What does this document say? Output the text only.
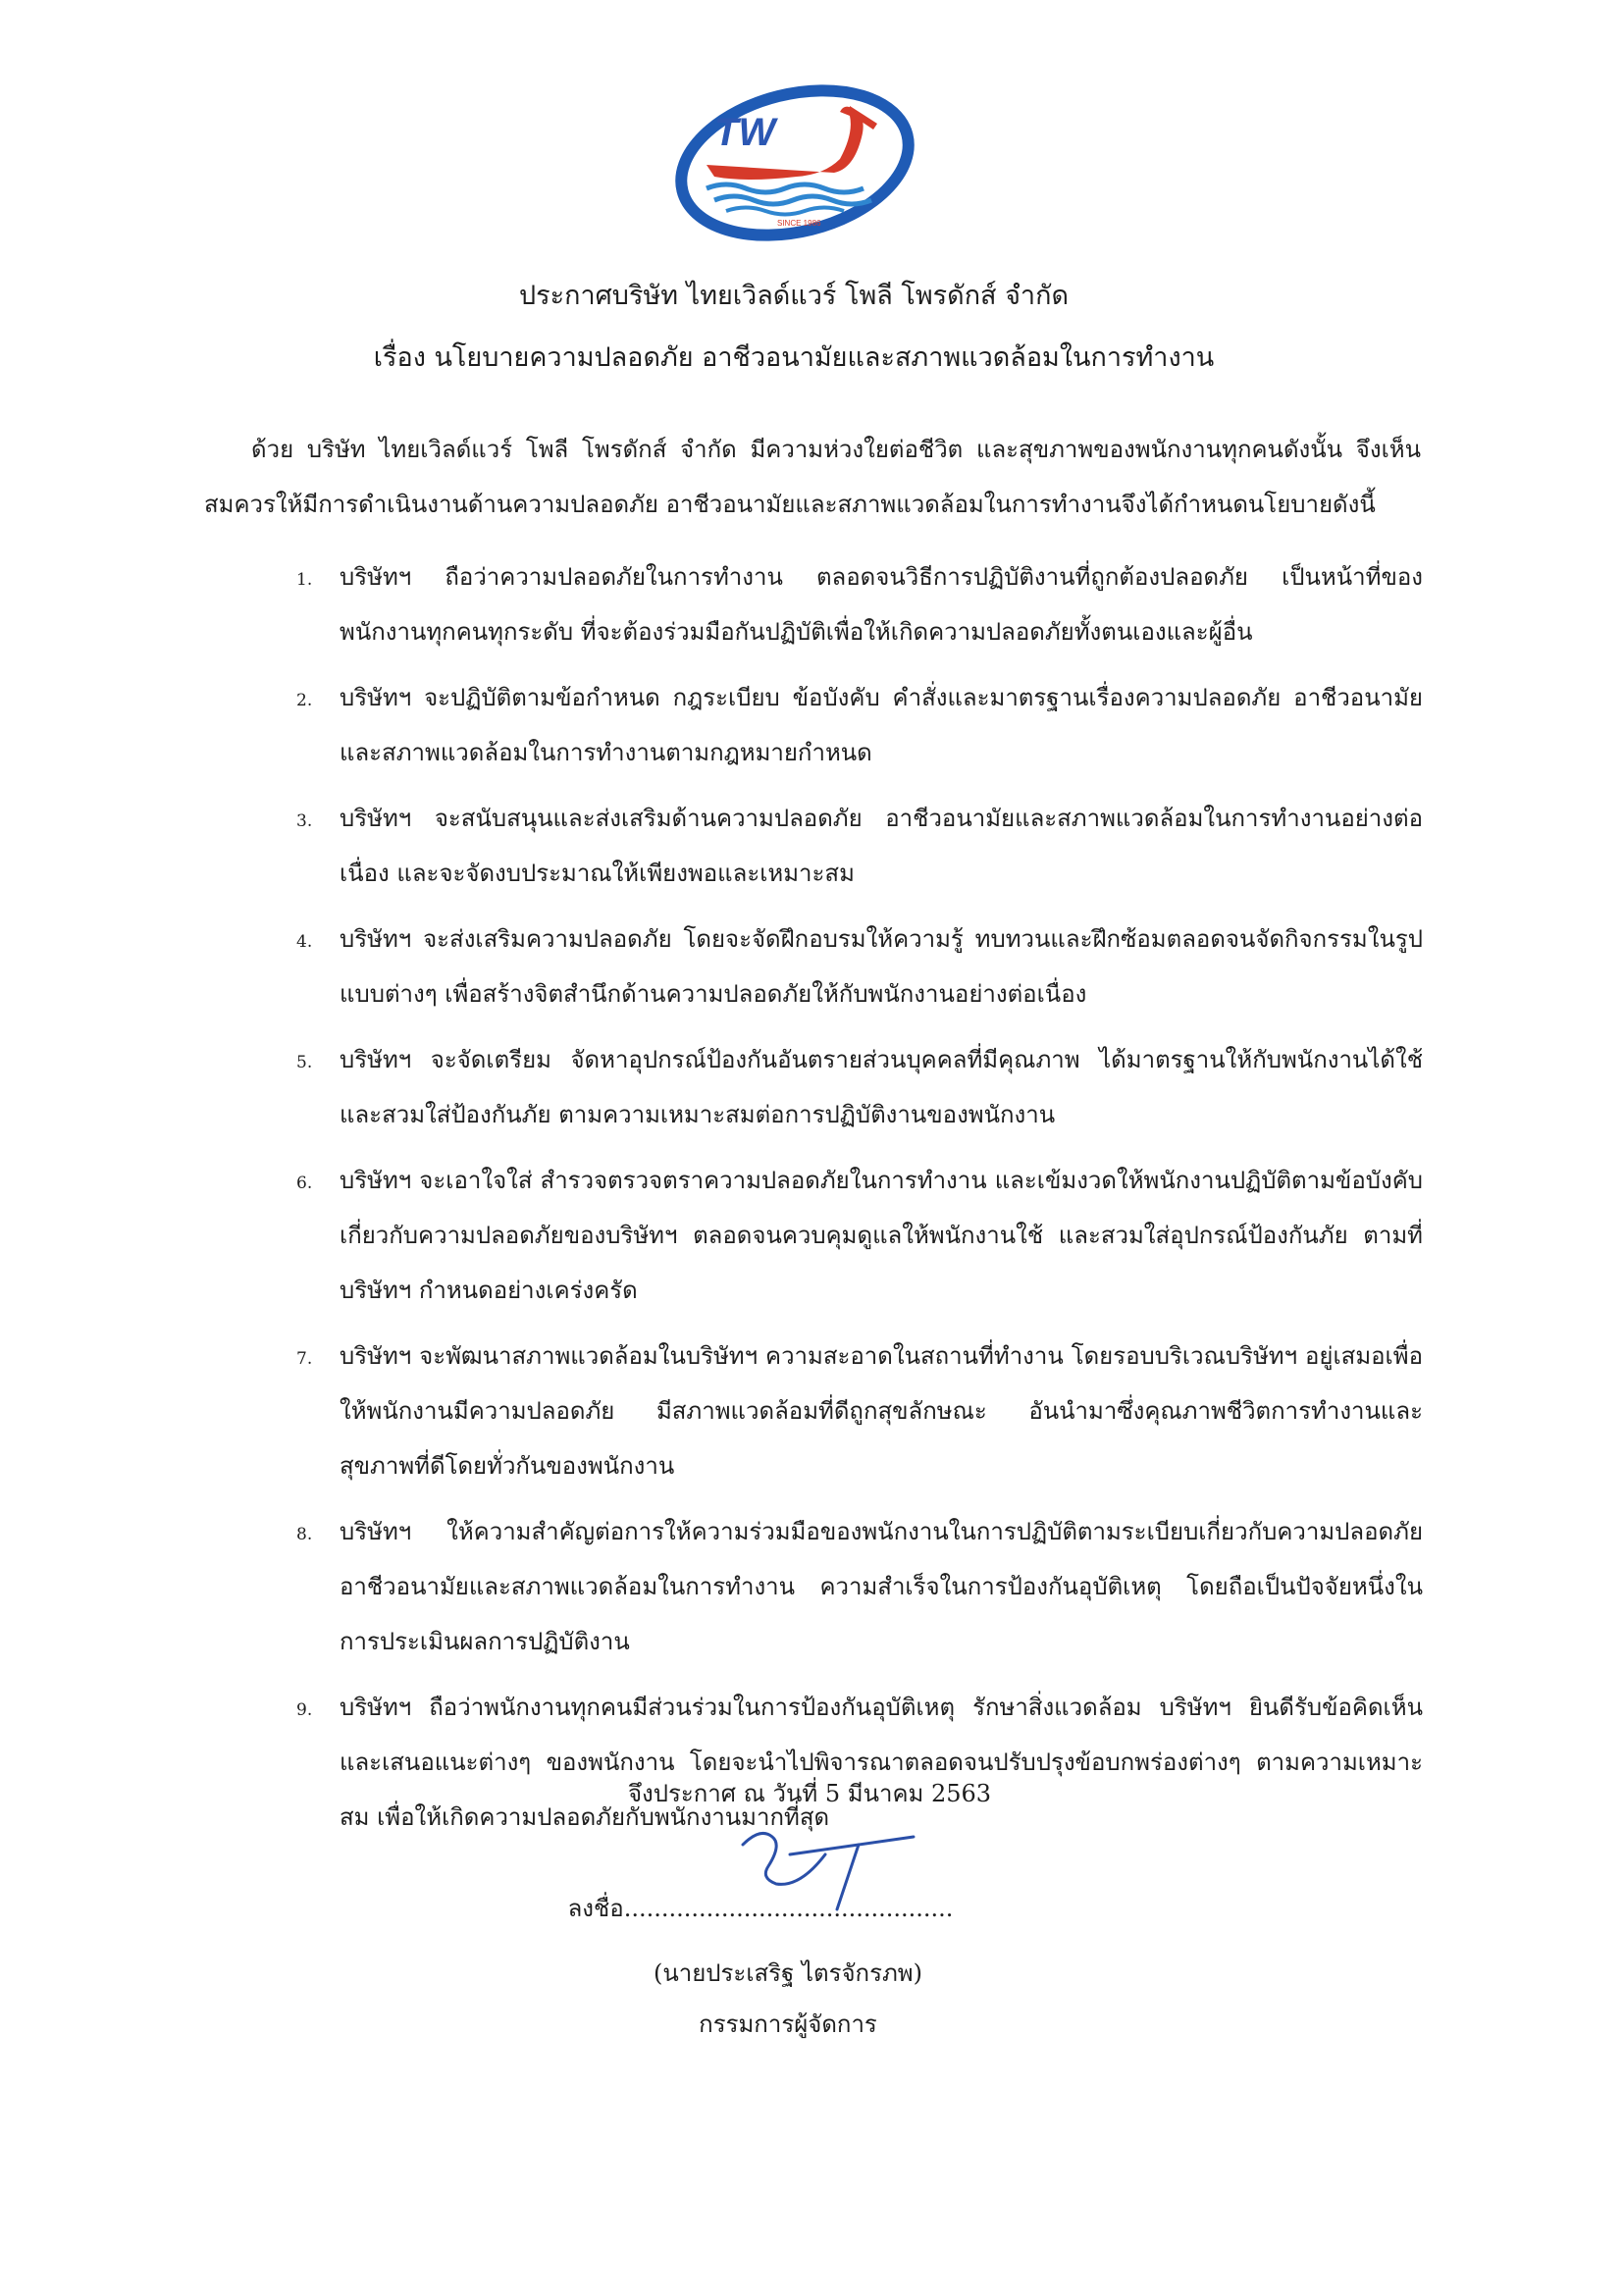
TW
SINCE 1986
ประกาศบริษัท ไทยเวิลด์แวร์ โพลี โพรดักส์ จำกัด
เรื่อง นโยบายความปลอดภัย อาชีวอนามัยและสภาพแวดล้อมในการทำงาน
ด้วย บริษัท ไทยเวิลด์แวร์ โพลี โพรดักส์ จำกัด มีความห่วงใยต่อชีวิต และสุขภาพของพนักงานทุกคนดังนั้น จึงเห็นสมควรให้มีการดำเนินงานด้านความปลอดภัย อาชีวอนามัยและสภาพแวดล้อมในการทำงานจึงได้กำหนดนโยบายดังนี้
1. บริษัทฯ ถือว่าความปลอดภัยในการทำงาน ตลอดจนวิธีการปฏิบัติงานที่ถูกต้องปลอดภัย เป็นหน้าที่ของพนักงานทุกคนทุกระดับ ที่จะต้องร่วมมือกันปฏิบัติเพื่อให้เกิดความปลอดภัยทั้งตนเองและผู้อื่น
2. บริษัทฯ จะปฏิบัติตามข้อกำหนด กฎระเบียบ ข้อบังคับ คำสั่งและมาตรฐานเรื่องความปลอดภัย อาชีวอนามัยและสภาพแวดล้อมในการทำงานตามกฎหมายกำหนด
3. บริษัทฯ จะสนับสนุนและส่งเสริมด้านความปลอดภัย อาชีวอนามัยและสภาพแวดล้อมในการทำงานอย่างต่อเนื่อง และจะจัดงบประมาณให้เพียงพอและเหมาะสม
4. บริษัทฯ จะส่งเสริมความปลอดภัย โดยจะจัดฝึกอบรมให้ความรู้ ทบทวนและฝึกซ้อมตลอดจนจัดกิจกรรมในรูปแบบต่างๆ เพื่อสร้างจิตสำนึกด้านความปลอดภัยให้กับพนักงานอย่างต่อเนื่อง
5. บริษัทฯ จะจัดเตรียม จัดหาอุปกรณ์ป้องกันอันตรายส่วนบุคคลที่มีคุณภาพ ได้มาตรฐานให้กับพนักงานได้ใช้และสวมใส่ป้องกันภัย ตามความเหมาะสมต่อการปฏิบัติงานของพนักงาน
6. บริษัทฯ จะเอาใจใส่ สำรวจตรวจตราความปลอดภัยในการทำงาน และเข้มงวดให้พนักงานปฏิบัติตามข้อบังคับ เกี่ยวกับความปลอดภัยของบริษัทฯ ตลอดจนควบคุมดูแลให้พนักงานใช้ และสวมใส่อุปกรณ์ป้องกันภัย ตามที่บริษัทฯ กำหนดอย่างเคร่งครัด
7. บริษัทฯ จะพัฒนาสภาพแวดล้อมในบริษัทฯ ความสะอาดในสถานที่ทำงาน โดยรอบบริเวณบริษัทฯ อยู่เสมอเพื่อให้พนักงานมีความปลอดภัย มีสภาพแวดล้อมที่ดีถูกสุขลักษณะ อันนำมาซึ่งคุณภาพชีวิตการทำงานและสุขภาพที่ดีโดยทั่วกันของพนักงาน
8. บริษัทฯ ให้ความสำคัญต่อการให้ความร่วมมือของพนักงานในการปฏิบัติตามระเบียบเกี่ยวกับความปลอดภัยอาชีวอนามัยและสภาพแวดล้อมในการทำงาน ความสำเร็จในการป้องกันอุบัติเหตุ โดยถือเป็นปัจจัยหนึ่งในการประเมินผลการปฏิบัติงาน
9. บริษัทฯ ถือว่าพนักงานทุกคนมีส่วนร่วมในการป้องกันอุบัติเหตุ รักษาสิ่งแวดล้อม บริษัทฯ ยินดีรับข้อคิดเห็นและเสนอแนะต่างๆ ของพนักงาน โดยจะนำไปพิจารณาตลอดจนปรับปรุงข้อบกพร่องต่างๆ ตามความเหมาะสม เพื่อให้เกิดความปลอดภัยกับพนักงานมากที่สุด
จึงประกาศ ณ วันที่ 5 มีนาคม 2563
ลงชื่อ............................................
(นายประเสริฐ ไตรจักรภพ)
กรรมการผู้จัดการ
